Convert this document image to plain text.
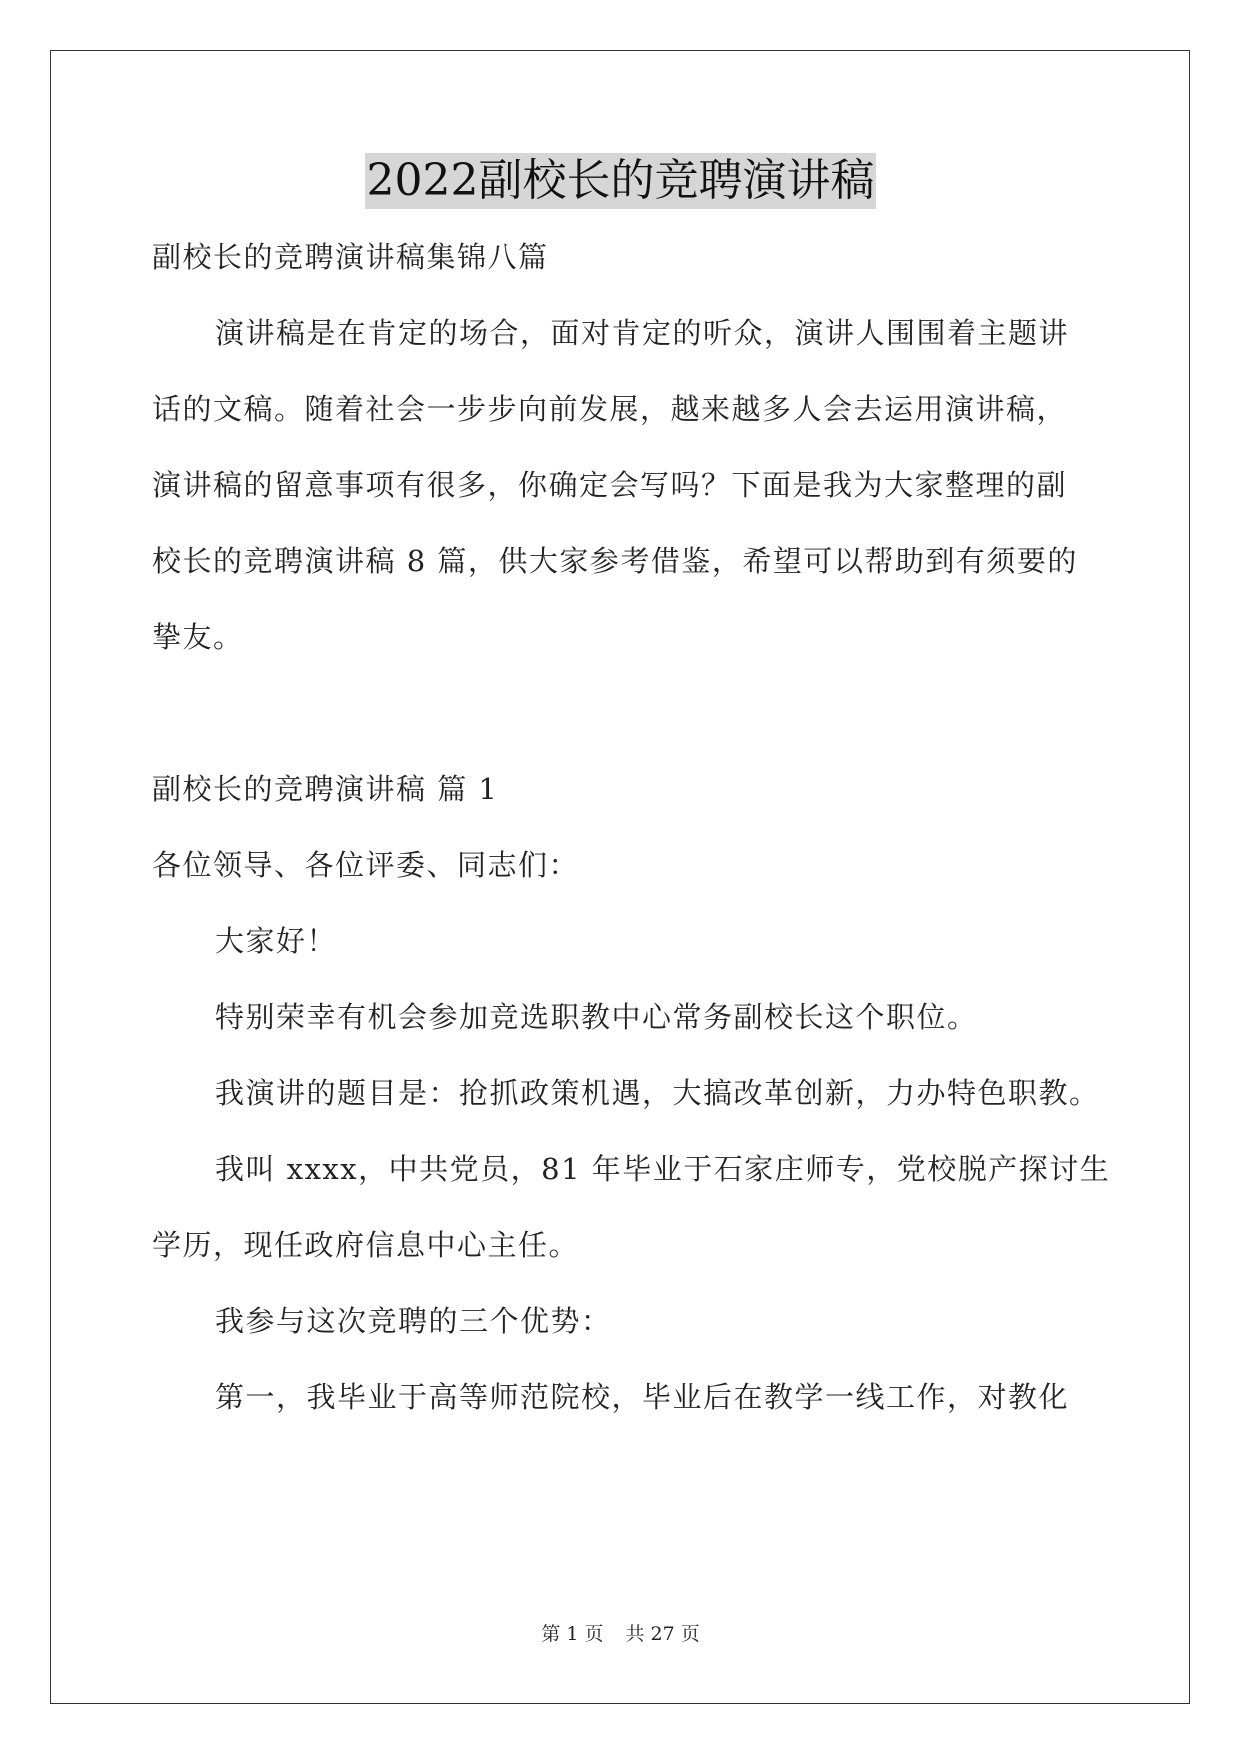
2022副校长的竞聘演讲稿
副校长的竞聘演讲稿集锦八篇
演讲稿是在肯定的场合，面对肯定的听众，演讲人围围着主题讲
话的文稿。随着社会一步步向前发展，越来越多人会去运用演讲稿，
演讲稿的留意事项有很多，你确定会写吗？下面是我为大家整理的副
校长的竞聘演讲稿 8 篇，供大家参考借鉴，希望可以帮助到有须要的
挚友。
副校长的竞聘演讲稿 篇 1
各位领导、各位评委、同志们：
大家好！
特别荣幸有机会参加竞选职教中心常务副校长这个职位。
我演讲的题目是：抢抓政策机遇，大搞改革创新，力办特色职教。
我叫 xxxx，中共党员，81 年毕业于石家庄师专，党校脱产探讨生
学历，现任政府信息中心主任。
我参与这次竞聘的三个优势：
第一，我毕业于高等师范院校，毕业后在教学一线工作，对教化
第 1 页 共 27 页
